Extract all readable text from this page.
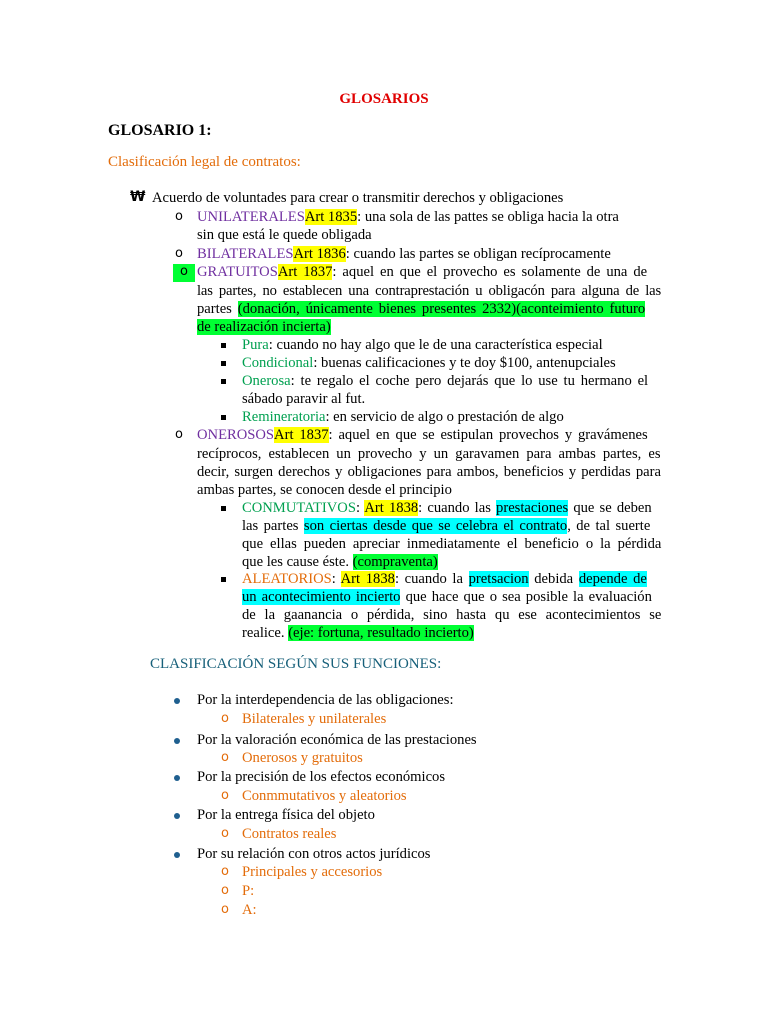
GLOSARIOS
GLOSARIO 1:
Clasificación legal de contratos:
₩ Acuerdo de voluntades para crear o transmitir derechos y obligaciones
o UNILATERALESArt 1835: una sola de las pattes se obliga hacia la otra
sin que está le quede obligada
o BILATERALESArt 1836: cuando las partes se obligan recíprocamente
o GRATUITOSArt 1837: aquel en que el provecho es solamente de una de
las partes, no establecen una contraprestación u obligacón para alguna de las
partes (donación, únicamente bienes presentes 2332)(aconteimiento futuro
de realización incierta)
Pura: cuando no hay algo que le de una característica especial
Condicional: buenas calificaciones y te doy $100, antenupciales
Onerosa: te regalo el coche pero dejarás que lo use tu hermano el
sábado paravir al fut.
Remineratoria: en servicio de algo o prestación de algo
o ONEROSOSArt 1837: aquel en que se estipulan provechos y gravámenes
recíprocos, establecen un provecho y un garavamen para ambas partes, es
decir, surgen derechos y obligaciones para ambos, beneficios y perdidas para
ambas partes, se conocen desde el principio
CONMUTATIVOS: Art 1838: cuando las prestaciones que se deben
las partes son ciertas desde que se celebra el contrato, de tal suerte
que ellas pueden apreciar inmediatamente el beneficio o la pérdida
que les cause éste. (compraventa)
ALEATORIOS: Art 1838: cuando la pretsacion debida depende de
un acontecimiento incierto que hace que o sea posible la evaluación
de la gaanancia o pérdida, sino hasta qu ese acontecimientos se
realice. (eje: fortuna, resultado incierto)
CLASIFICACIÓN SEGÚN SUS FUNCIONES:
Por la interdependencia de las obligaciones:
o Bilaterales y unilaterales
Por la valoración económica de las prestaciones
o Onerosos y gratuitos
Por la precisión de los efectos económicos
o Conmmutativos y aleatorios
Por la entrega física del objeto
o Contratos reales
Por su relación con otros actos jurídicos
o Principales y accesorios
o P:
o A:
